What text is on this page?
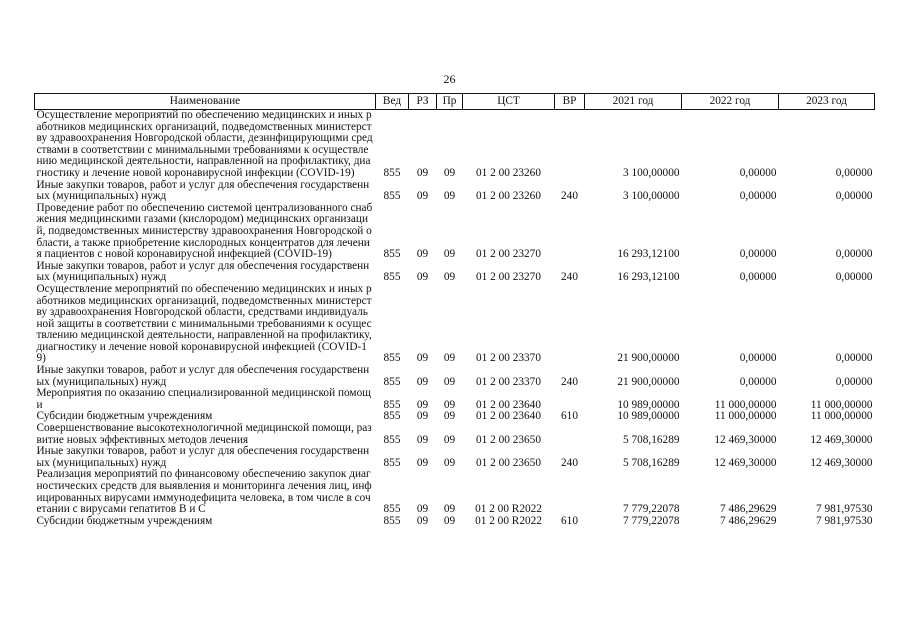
26
Наименование	Вед	РЗ	Пр	ЦСТ	ВР	2021 год	2022 год	2023 год
Осуществление мероприятий по обеспечению медицинских и иных работников медицинских организаций, подведомственных министерству здравоохранения Новгородской области, дезинфицирующими средствами в соответствии с минимальными требованиями к осуществлению медицинской деятельности, направленной на профилактику, диагностику и лечение новой коронавирусной инфекции (COVID-19)	855	09	09	01 2 00 23260		3 100,00000	0,00000	0,00000
Иные закупки товаров, работ и услуг для обеспечения государственных (муниципальных) нужд	855	09	09	01 2 00 23260	240	3 100,00000	0,00000	0,00000
Проведение работ по обеспечению системой централизованного снабжения медицинскими газами (кислородом) медицинских организаций, подведомственных министерству здравоохранения Новгородской области, а также приобретение кислородных концентратов для лечения пациентов с новой коронавирусной инфекцией (COVID-19)	855	09	09	01 2 00 23270		16 293,12100	0,00000	0,00000
Иные закупки товаров, работ и услуг для обеспечения государственных (муниципальных) нужд	855	09	09	01 2 00 23270	240	16 293,12100	0,00000	0,00000
Осуществление мероприятий по обеспечению медицинских и иных работников медицинских организаций, подведомственных министерству здравоохранения Новгородской области, средствами индивидуальной защиты в соответствии с минимальными требованиями к осуществлению медицинской деятельности, направленной на профилактику, диагностику и лечение новой коронавирусной инфекцией (COVID-19)	855	09	09	01 2 00 23370		21 900,00000	0,00000	0,00000
Иные закупки товаров, работ и услуг для обеспечения государственных (муниципальных) нужд	855	09	09	01 2 00 23370	240	21 900,00000	0,00000	0,00000
Мероприятия по оказанию специализированной медицинской помощи	855	09	09	01 2 00 23640		10 989,00000	11 000,00000	11 000,00000
Субсидии бюджетным учреждениям	855	09	09	01 2 00 23640	610	10 989,00000	11 000,00000	11 000,00000
Совершенствование высокотехнологичной медицинской помощи, развитие новых эффективных методов лечения	855	09	09	01 2 00 23650		5 708,16289	12 469,30000	12 469,30000
Иные закупки товаров, работ и услуг для обеспечения государственных (муниципальных) нужд	855	09	09	01 2 00 23650	240	5 708,16289	12 469,30000	12 469,30000
Реализация мероприятий по финансовому обеспечению закупок диагностических средств для выявления и мониторинга лечения лиц, инфицированных вирусами иммунодефицита человека, в том числе в сочетании с вирусами гепатитов В и С	855	09	09	01 2 00 R2022		7 779,22078	7 486,29629	7 981,97530
Субсидии бюджетным учреждениям	855	09	09	01 2 00 R2022	610	7 779,22078	7 486,29629	7 981,97530
